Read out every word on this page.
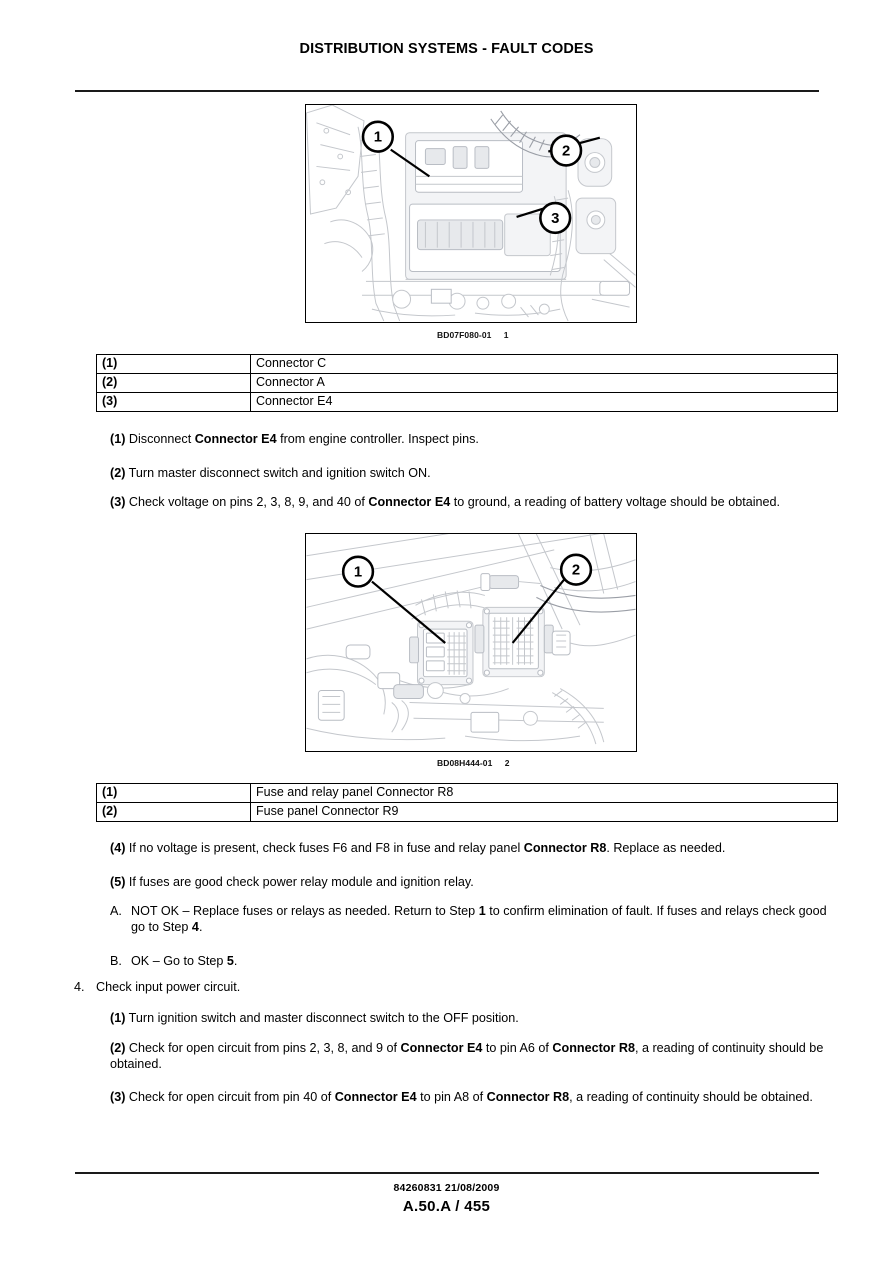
DISTRIBUTION SYSTEMS - FAULT CODES
1
2
3
BD07F080-01     1
(1)	Connector C
(2)	Connector A
(3)	Connector E4
(1) Disconnect Connector E4 from engine controller. Inspect pins.
(2) Turn master disconnect switch and ignition switch ON.
(3) Check voltage on pins 2, 3, 8, 9, and 40 of Connector E4 to ground, a reading of battery voltage should be obtained.
1	2
BD08H444-01     2
(1)	Fuse and relay panel Connector R8
(2)	Fuse panel Connector R9
(4) If no voltage is present, check fuses F6 and F8 in fuse and relay panel Connector R8. Replace as needed.
(5) If fuses are good check power relay module and ignition relay.
A. NOT OK – Replace fuses or relays as needed. Return to Step 1 to confirm elimination of fault. If fuses and relays check good go to Step 4.
B. OK – Go to Step 5.
4. Check input power circuit.
(1) Turn ignition switch and master disconnect switch to the OFF position.
(2) Check for open circuit from pins 2, 3, 8, and 9 of Connector E4 to pin A6 of Connector R8, a reading of continuity should be obtained.
(3) Check for open circuit from pin 40 of Connector E4 to pin A8 of Connector R8, a reading of continuity should be obtained.
84260831 21/08/2009
A.50.A / 455
